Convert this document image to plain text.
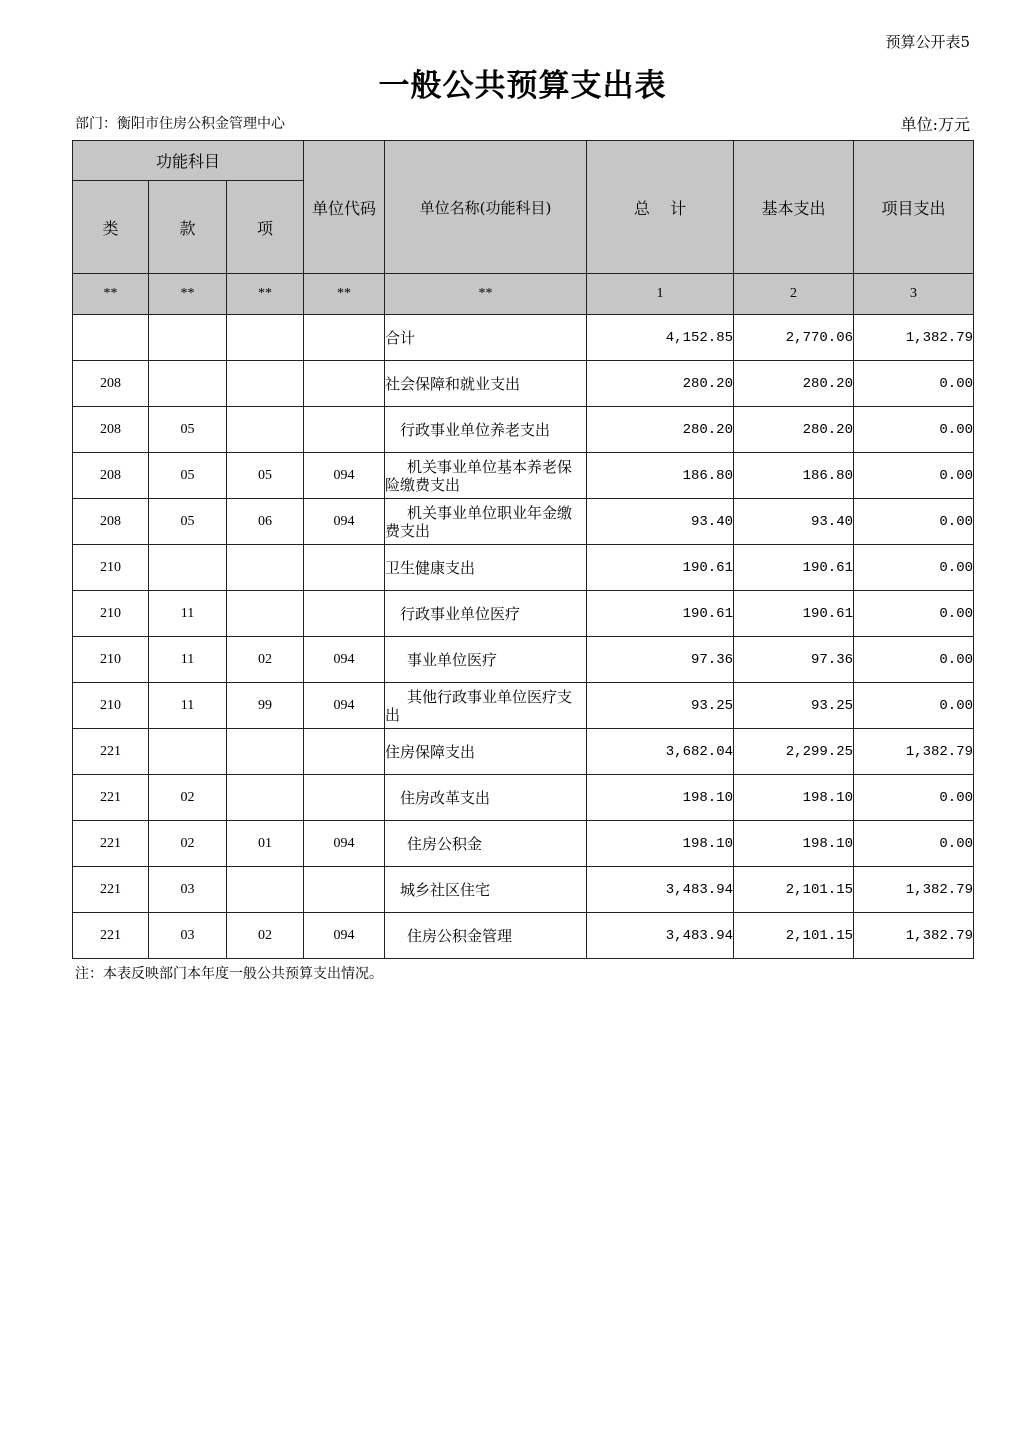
预算公开表5
一般公共预算支出表
部门：衡阳市住房公积金管理中心	单位:万元
功能科目			单位代码	单位名称(功能科目)	总    计	基本支出	项目支出
类	款	项					
**	**	**	**	**	1	2	3
				合计	4,152.85	2,770.06	1,382.79
208				社会保障和就业支出	280.20	280.20	0.00
208	05			行政事业单位养老支出	280.20	280.20	0.00
208	05	05	094	机关事业单位基本养老保险缴费支出	186.80	186.80	0.00
208	05	06	094	机关事业单位职业年金缴费支出	93.40	93.40	0.00
210				卫生健康支出	190.61	190.61	0.00
210	11			行政事业单位医疗	190.61	190.61	0.00
210	11	02	094	事业单位医疗	97.36	97.36	0.00
210	11	99	094	其他行政事业单位医疗支出	93.25	93.25	0.00
221				住房保障支出	3,682.04	2,299.25	1,382.79
221	02			住房改革支出	198.10	198.10	0.00
221	02	01	094	住房公积金	198.10	198.10	0.00
221	03			城乡社区住宅	3,483.94	2,101.15	1,382.79
221	03	02	094	住房公积金管理	3,483.94	2,101.15	1,382.79
注：本表反映部门本年度一般公共预算支出情况。
